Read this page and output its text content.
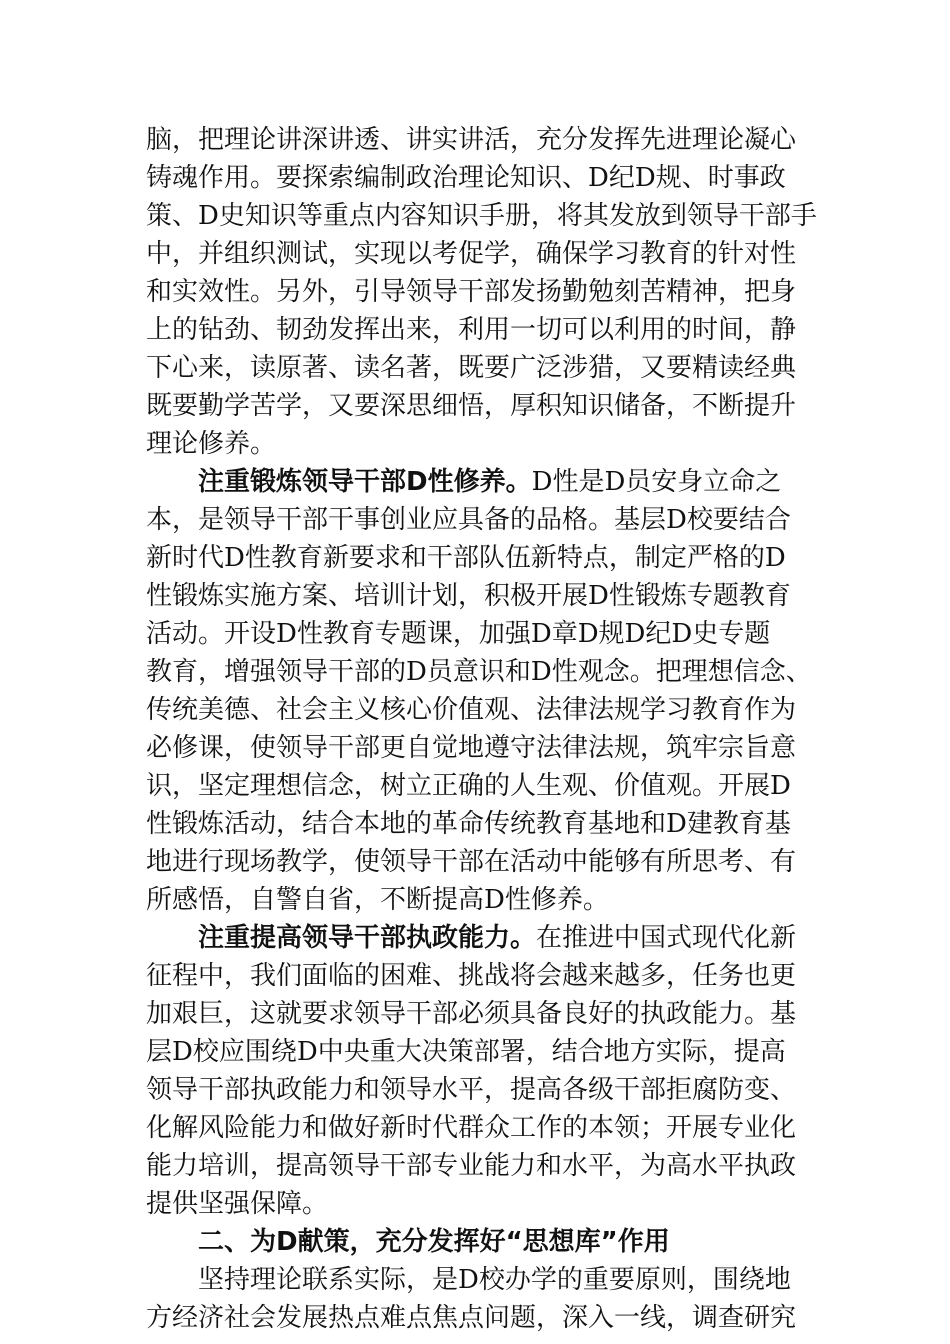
脑，把理论讲深讲透、讲实讲活，充分发挥先进理论凝心
铸魂作用。要探索编制政治理论知识、D纪D规、时事政
策、D史知识等重点内容知识手册，将其发放到领导干部手
中，并组织测试，实现以考促学，确保学习教育的针对性
和实效性。另外，引导领导干部发扬勤勉刻苦精神，把身
上的钻劲、韧劲发挥出来，利用一切可以利用的时间，静
下心来，读原著、读名著，既要广泛涉猎，又要精读经典
既要勤学苦学，又要深思细悟，厚积知识储备，不断提升
理论修养。
注重锻炼领导干部D性修养。D性是D员安身立命之
本，是领导干部干事创业应具备的品格。基层D校要结合
新时代D性教育新要求和干部队伍新特点，制定严格的D
性锻炼实施方案、培训计划，积极开展D性锻炼专题教育
活动。开设D性教育专题课，加强D章D规D纪D史专题
教育，增强领导干部的D员意识和D性观念。把理想信念、
传统美德、社会主义核心价值观、法律法规学习教育作为
必修课，使领导干部更自觉地遵守法律法规，筑牢宗旨意
识，坚定理想信念，树立正确的人生观、价值观。开展D
性锻炼活动，结合本地的革命传统教育基地和D建教育基
地进行现场教学，使领导干部在活动中能够有所思考、有
所感悟，自警自省，不断提高D性修养。
注重提高领导干部执政能力。在推进中国式现代化新
征程中，我们面临的困难、挑战将会越来越多，任务也更
加艰巨，这就要求领导干部必须具备良好的执政能力。基
层D校应围绕D中央重大决策部署，结合地方实际，提高
领导干部执政能力和领导水平，提高各级干部拒腐防变、
化解风险能力和做好新时代群众工作的本领；开展专业化
能力培训，提高领导干部专业能力和水平，为高水平执政
提供坚强保障。
二、为D献策，充分发挥好“思想库”作用
坚持理论联系实际，是D校办学的重要原则，围绕地
方经济社会发展热点难点焦点问题，深入一线，调查研究
